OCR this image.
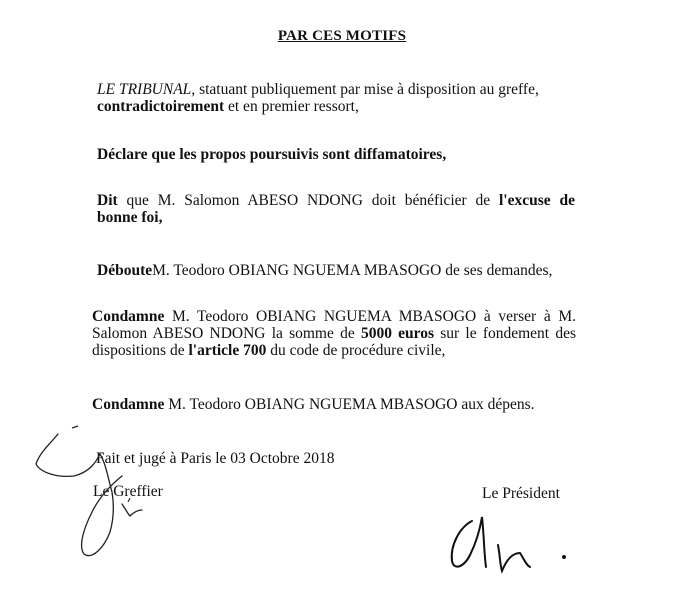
PAR CES MOTIFS
LE TRIBUNAL, statuant publiquement par mise à disposition au greffe,
contradictoirement et en premier ressort,
Déclare que les propos poursuivis sont diffamatoires,
Dit que M. Salomon ABESO NDONG doit bénéficier de l'excuse de
bonne foi,
DébouteM. Teodoro OBIANG NGUEMA MBASOGO de ses demandes,
Condamne M. Teodoro OBIANG NGUEMA MBASOGO à verser à M.
Salomon ABESO NDONG la somme de 5000 euros sur le fondement des
dispositions de l'article 700 du code de procédure civile,
Condamne M. Teodoro OBIANG NGUEMA MBASOGO aux dépens.
Fait et jugé à Paris le 03 Octobre 2018
Le Greffier	Le Président
